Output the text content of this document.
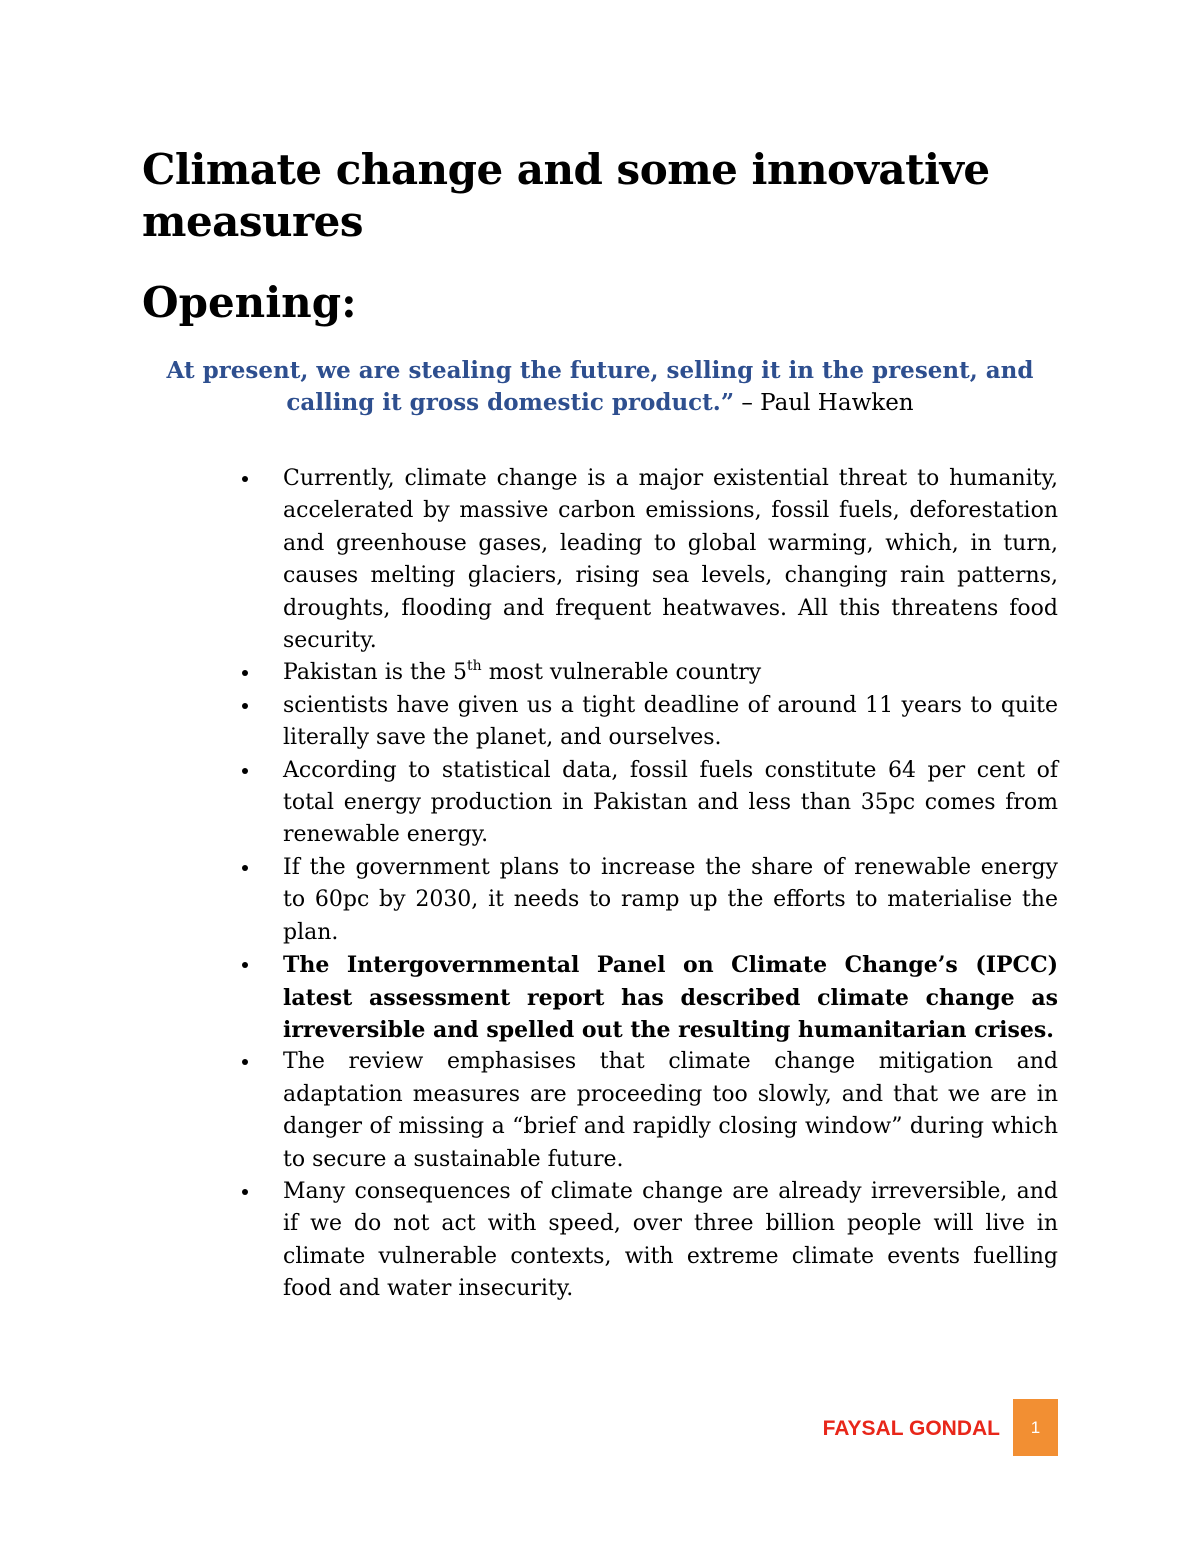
Climate change and some innovative measures
Opening:

At present, we are stealing the future, selling it in the present, and calling it gross domestic product.” – Paul Hawken

Currently, climate change is a major existential threat to humanity, accelerated by massive carbon emissions, fossil fuels, deforestation and greenhouse gases, leading to global warming, which, in turn, causes melting glaciers, rising sea levels, changing rain patterns, droughts, flooding and frequent heatwaves. All this threatens food security.
Pakistan is the 5th most vulnerable country
scientists have given us a tight deadline of around 11 years to quite literally save the planet, and ourselves.
According to statistical data, fossil fuels constitute 64 per cent of total energy production in Pakistan and less than 35pc comes from renewable energy.
If the government plans to increase the share of renewable energy to 60pc by 2030, it needs to ramp up the efforts to materialise the plan.
The Intergovernmental Panel on Climate Change’s (IPCC) latest assessment report has described climate change as irreversible and spelled out the resulting humanitarian crises.
The review emphasises that climate change mitigation and adaptation measures are proceeding too slowly, and that we are in danger of missing a “brief and rapidly closing window” during which to secure a sustainable future.
Many consequences of climate change are already irreversible, and if we do not act with speed, over three billion people will live in climate vulnerable contexts, with extreme climate events fuelling food and water insecurity.
FAYSAL GONDAL 1
